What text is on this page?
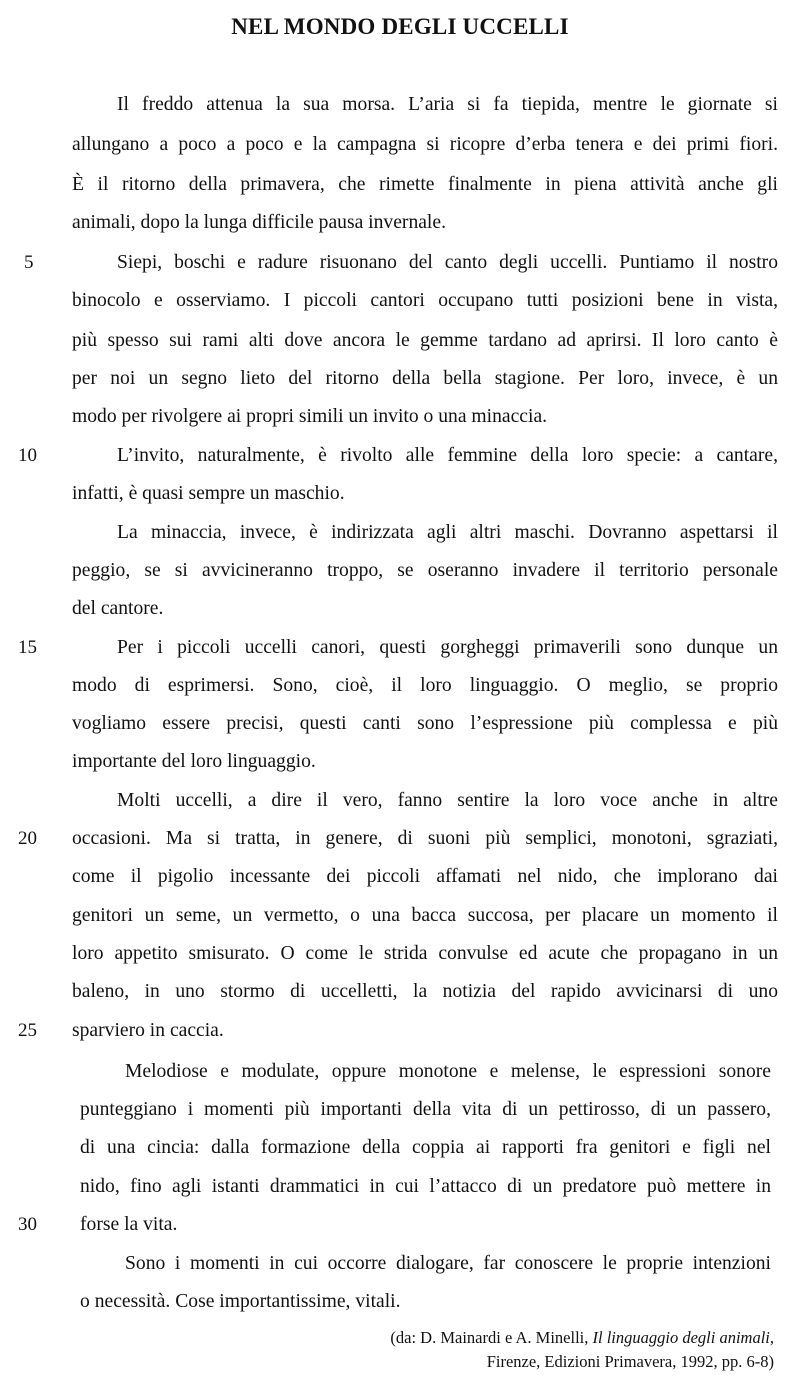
NEL MONDO DEGLI UCCELLI
Il freddo attenua la sua morsa. L’aria si fa tiepida, mentre le giornate si
allungano a poco a poco e la campagna si ricopre d’erba tenera e dei primi fiori.
È il ritorno della primavera, che rimette finalmente in piena attività anche gli
animali, dopo la lunga difficile pausa invernale.
Siepi, boschi e radure risuonano del canto degli uccelli. Puntiamo il nostro
binocolo e osserviamo. I piccoli cantori occupano tutti posizioni bene in vista,
più spesso sui rami alti dove ancora le gemme tardano ad aprirsi. Il loro canto è
per noi un segno lieto del ritorno della bella stagione. Per loro, invece, è un
modo per rivolgere ai propri simili un invito o una minaccia.
L’invito, naturalmente, è rivolto alle femmine della loro specie: a cantare,
infatti, è quasi sempre un maschio.
La minaccia, invece, è indirizzata agli altri maschi. Dovranno aspettarsi il
peggio, se si avvicineranno troppo, se oseranno invadere il territorio personale
del cantore.
Per i piccoli uccelli canori, questi gorgheggi primaverili sono dunque un
modo di esprimersi. Sono, cioè, il loro linguaggio. O meglio, se proprio
vogliamo essere precisi, questi canti sono l’espressione più complessa e più
importante del loro linguaggio.
Molti uccelli, a dire il vero, fanno sentire la loro voce anche in altre
occasioni. Ma si tratta, in genere, di suoni più semplici, monotoni, sgraziati,
come il pigolio incessante dei piccoli affamati nel nido, che implorano dai
genitori un seme, un vermetto, o una bacca succosa, per placare un momento il
loro appetito smisurato. O come le strida convulse ed acute che propagano in un
baleno, in uno stormo di uccelletti, la notizia del rapido avvicinarsi di uno
sparviero in caccia.
Melodiose e modulate, oppure monotone e melense, le espressioni sonore
punteggiano i momenti più importanti della vita di un pettirosso, di un passero,
di una cincia: dalla formazione della coppia ai rapporti fra genitori e figli nel
nido, fino agli istanti drammatici in cui l’attacco di un predatore può mettere in
forse la vita.
Sono i momenti in cui occorre dialogare, far conoscere le proprie intenzioni
o necessità. Cose importantissime, vitali.
5
10
15
20
25
30
(da: D. Mainardi e A. Minelli, Il linguaggio degli animali,
Firenze, Edizioni Primavera, 1992, pp. 6-8)
